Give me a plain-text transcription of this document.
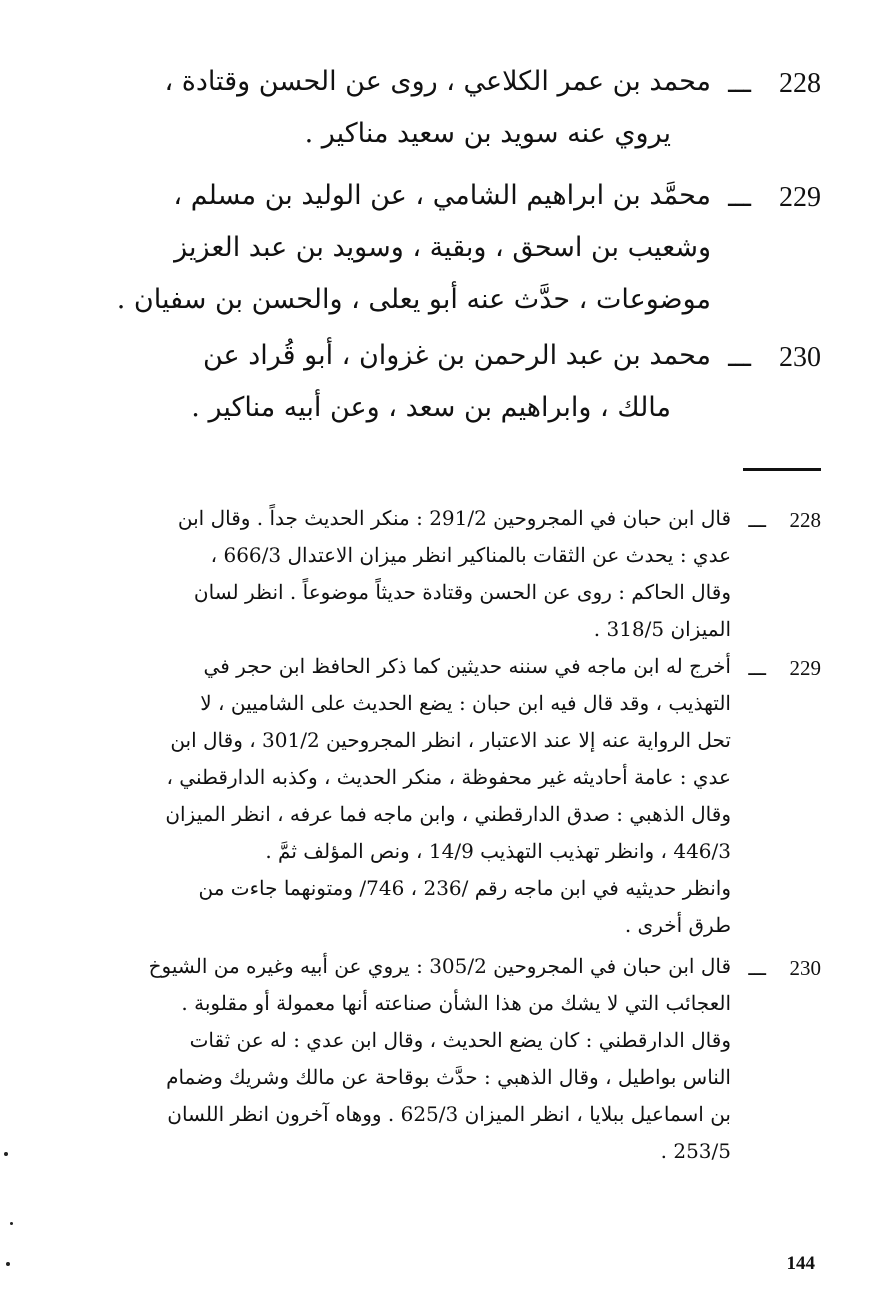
228
ـــ
محمد بن عمر الكلاعي ، روى عن الحسن وقتادة ،
يروي عنه سويد بن سعيد مناكير .
229
ـــ
محمَّد بن ابراهيم الشامي ، عن الوليد بن مسلم ،
وشعيب بن اسحق ، وبقية ، وسويد بن عبد العزيز
موضوعات ، حدَّث عنه أبو يعلى ، والحسن بن سفيان .
230
ـــ
محمد بن عبد الرحمن بن غزوان ، أبو قُراد عن
مالك ، وابراهيم بن سعد ، وعن أبيه مناكير .
228
ـــ
قال ابن حبان في المجروحين 291/2 : منكر الحديث جداً . وقال ابن
عدي : يحدث عن الثقات بالمناكير انظر ميزان الاعتدال 666/3 ،
وقال الحاكم : روى عن الحسن وقتادة حديثاً موضوعاً . انظر لسان
الميزان 318/5 .
229
ـــ
أخرج له ابن ماجه في سننه حديثين كما ذكر الحافظ ابن حجر في
التهذيب ، وقد قال فيه ابن حبان : يضع الحديث على الشاميين ، لا
تحل الرواية عنه إلا عند الاعتبار ، انظر المجروحين 301/2 ، وقال ابن
عدي : عامة أحاديثه غير محفوظة ، منكر الحديث ، وكذبه الدارقطني ،
وقال الذهبي : صدق الدارقطني ، وابن ماجه فما عرفه ، انظر الميزان
446/3 ، وانظر تهذيب التهذيب 14/9 ، ونص المؤلف ثمَّ .
وانظر حديثيه في ابن ماجه رقم /236 ، 746/ ومتونهما جاءت من
طرق أخرى .
230
ـــ
قال ابن حبان في المجروحين 305/2 : يروي عن أبيه وغيره من الشيوخ
العجائب التي لا يشك من هذا الشأن صناعته أنها معمولة أو مقلوبة .
وقال الدارقطني : كان يضع الحديث ، وقال ابن عدي : له عن ثقات
الناس بواطيل ، وقال الذهبي : حدَّث بوقاحة عن مالك وشريك وضمام
بن اسماعيل ببلايا ، انظر الميزان 625/3 . ووهاه آخرون انظر اللسان
253/5 .
144
